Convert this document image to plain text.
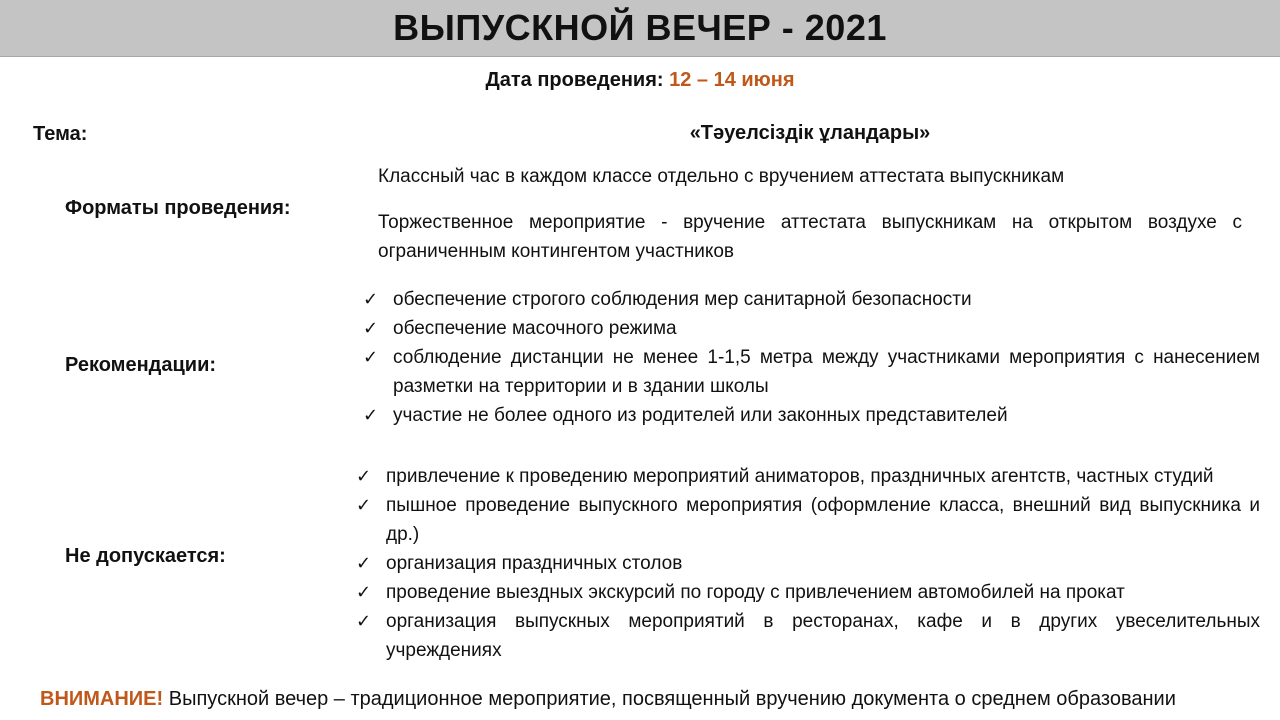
ВЫПУСКНОЙ ВЕЧЕР - 2021
Дата проведения: 12 – 14 июня
Тема:	«Тәуелсіздік ұландары»
Форматы проведения:
Классный час в каждом классе отдельно с вручением аттестата выпускникам
Торжественное мероприятие - вручение аттестата выпускникам на открытом воздухе с ограниченным контингентом участников
Рекомендации:
✓ обеспечение строгого соблюдения мер санитарной безопасности
✓ обеспечение масочного режима
✓ соблюдение дистанции не менее 1-1,5 метра между участниками мероприятия с нанесением разметки на территории и в здании школы
✓ участие не более одного из родителей или законных представителей
Не допускается:
✓ привлечение к проведению мероприятий аниматоров, праздничных агентств, частных студий
✓ пышное проведение выпускного мероприятия (оформление класса, внешний вид выпускника и др.)
✓ организация праздничных столов
✓ проведение выездных экскурсий по городу с привлечением автомобилей на прокат
✓ организация выпускных мероприятий в ресторанах, кафе и в других увеселительных учреждениях
ВНИМАНИЕ! Выпускной вечер – традиционное мероприятие, посвященный вручению документа о среднем образовании
